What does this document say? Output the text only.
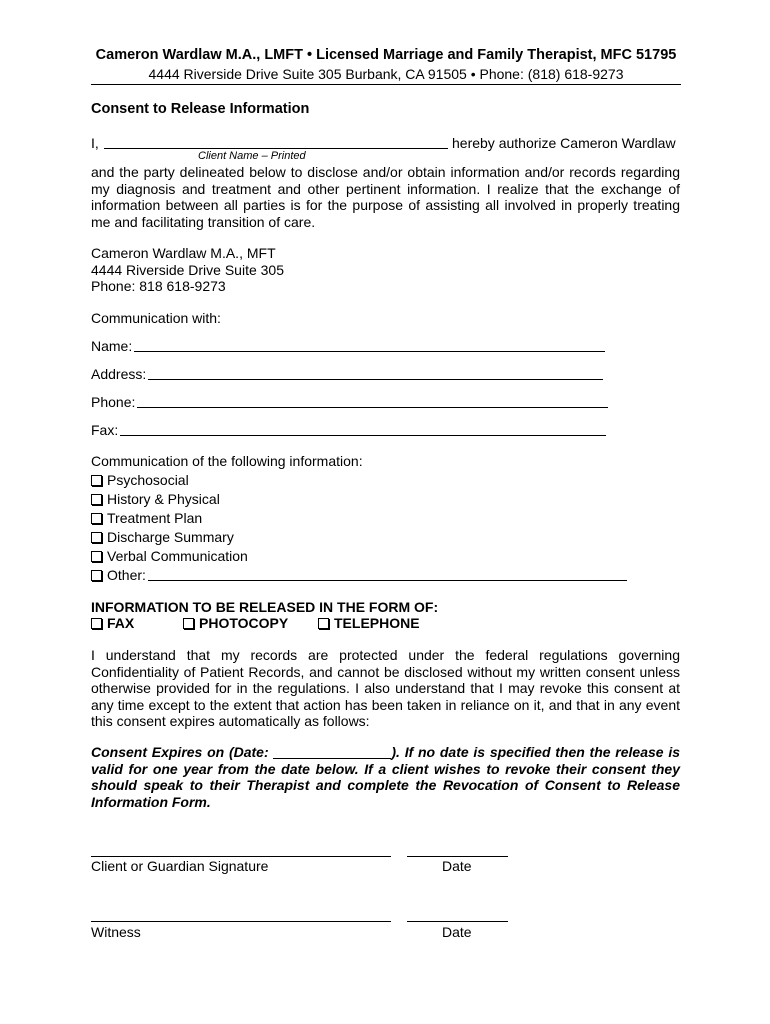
Cameron Wardlaw M.A., LMFT • Licensed Marriage and Family Therapist, MFC 51795
4444 Riverside Drive Suite 305 Burbank, CA 91505 • Phone: (818) 618-9273
Consent to Release Information
I,	hereby authorize Cameron Wardlaw
Client Name – Printed
and the party delineated below to disclose and/or obtain information and/or records regarding my diagnosis and treatment and other pertinent information. I realize that the exchange of information between all parties is for the purpose of assisting all involved in properly treating me and facilitating transition of care.
Cameron Wardlaw M.A., MFT
4444 Riverside Drive Suite 305
Phone: 818 618-9273
Communication with:
Name:
Address:
Phone:
Fax:
Communication of the following information:
Psychosocial
History & Physical
Treatment Plan
Discharge Summary
Verbal Communication
Other:
INFORMATION TO BE RELEASED IN THE FORM OF:
FAX	PHOTOCOPY	TELEPHONE
I understand that my records are protected under the federal regulations governing Confidentiality of Patient Records, and cannot be disclosed without my written consent unless otherwise provided for in the regulations. I also understand that I may revoke this consent at any time except to the extent that action has been taken in reliance on it, and that in any event this consent expires automatically as follows:
Consent Expires on (Date:	). If no date is specified then the release is valid for one year from the date below. If a client wishes to revoke their consent they should speak to their Therapist and complete the Revocation of Consent to Release Information Form.
Client or Guardian Signature	Date
Witness	Date
